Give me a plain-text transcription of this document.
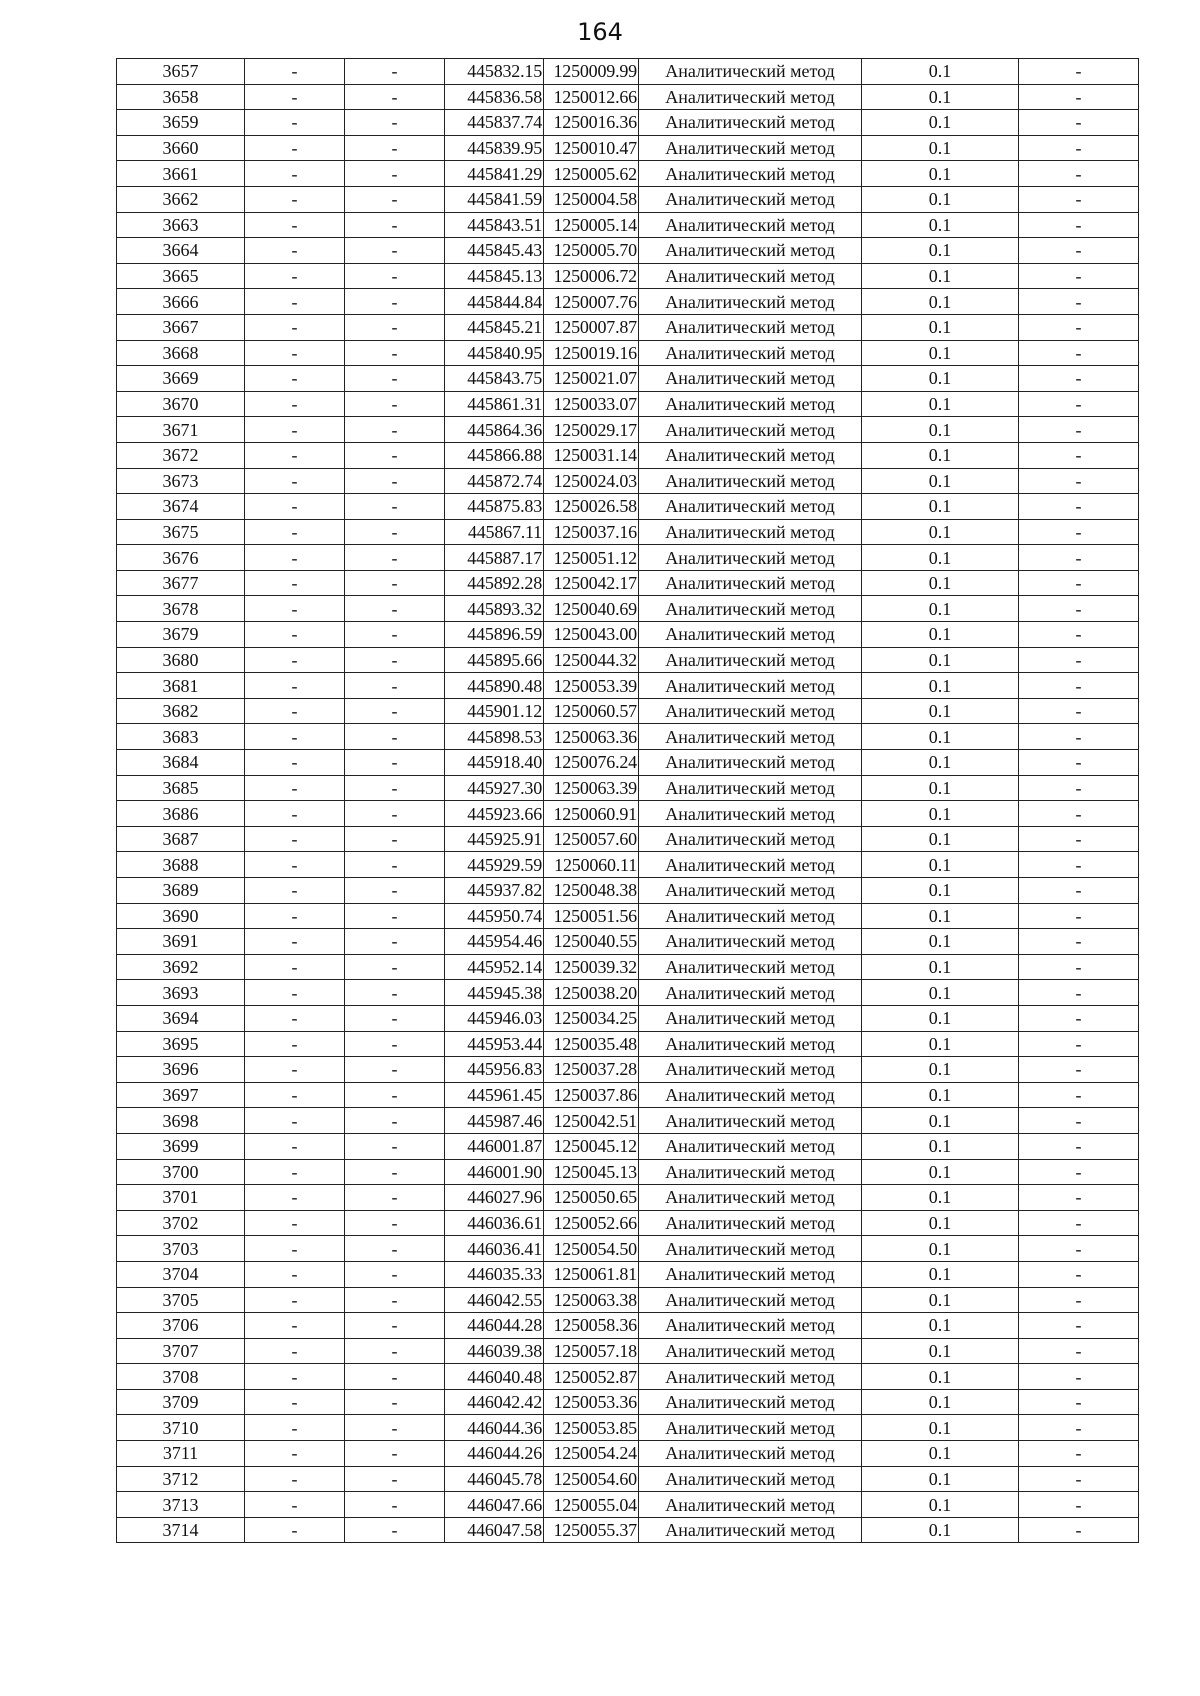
164
3657	-	-	445832.15	1250009.99	Аналитический метод	0.1	-
3658	-	-	445836.58	1250012.66	Аналитический метод	0.1	-
3659	-	-	445837.74	1250016.36	Аналитический метод	0.1	-
3660	-	-	445839.95	1250010.47	Аналитический метод	0.1	-
3661	-	-	445841.29	1250005.62	Аналитический метод	0.1	-
3662	-	-	445841.59	1250004.58	Аналитический метод	0.1	-
3663	-	-	445843.51	1250005.14	Аналитический метод	0.1	-
3664	-	-	445845.43	1250005.70	Аналитический метод	0.1	-
3665	-	-	445845.13	1250006.72	Аналитический метод	0.1	-
3666	-	-	445844.84	1250007.76	Аналитический метод	0.1	-
3667	-	-	445845.21	1250007.87	Аналитический метод	0.1	-
3668	-	-	445840.95	1250019.16	Аналитический метод	0.1	-
3669	-	-	445843.75	1250021.07	Аналитический метод	0.1	-
3670	-	-	445861.31	1250033.07	Аналитический метод	0.1	-
3671	-	-	445864.36	1250029.17	Аналитический метод	0.1	-
3672	-	-	445866.88	1250031.14	Аналитический метод	0.1	-
3673	-	-	445872.74	1250024.03	Аналитический метод	0.1	-
3674	-	-	445875.83	1250026.58	Аналитический метод	0.1	-
3675	-	-	445867.11	1250037.16	Аналитический метод	0.1	-
3676	-	-	445887.17	1250051.12	Аналитический метод	0.1	-
3677	-	-	445892.28	1250042.17	Аналитический метод	0.1	-
3678	-	-	445893.32	1250040.69	Аналитический метод	0.1	-
3679	-	-	445896.59	1250043.00	Аналитический метод	0.1	-
3680	-	-	445895.66	1250044.32	Аналитический метод	0.1	-
3681	-	-	445890.48	1250053.39	Аналитический метод	0.1	-
3682	-	-	445901.12	1250060.57	Аналитический метод	0.1	-
3683	-	-	445898.53	1250063.36	Аналитический метод	0.1	-
3684	-	-	445918.40	1250076.24	Аналитический метод	0.1	-
3685	-	-	445927.30	1250063.39	Аналитический метод	0.1	-
3686	-	-	445923.66	1250060.91	Аналитический метод	0.1	-
3687	-	-	445925.91	1250057.60	Аналитический метод	0.1	-
3688	-	-	445929.59	1250060.11	Аналитический метод	0.1	-
3689	-	-	445937.82	1250048.38	Аналитический метод	0.1	-
3690	-	-	445950.74	1250051.56	Аналитический метод	0.1	-
3691	-	-	445954.46	1250040.55	Аналитический метод	0.1	-
3692	-	-	445952.14	1250039.32	Аналитический метод	0.1	-
3693	-	-	445945.38	1250038.20	Аналитический метод	0.1	-
3694	-	-	445946.03	1250034.25	Аналитический метод	0.1	-
3695	-	-	445953.44	1250035.48	Аналитический метод	0.1	-
3696	-	-	445956.83	1250037.28	Аналитический метод	0.1	-
3697	-	-	445961.45	1250037.86	Аналитический метод	0.1	-
3698	-	-	445987.46	1250042.51	Аналитический метод	0.1	-
3699	-	-	446001.87	1250045.12	Аналитический метод	0.1	-
3700	-	-	446001.90	1250045.13	Аналитический метод	0.1	-
3701	-	-	446027.96	1250050.65	Аналитический метод	0.1	-
3702	-	-	446036.61	1250052.66	Аналитический метод	0.1	-
3703	-	-	446036.41	1250054.50	Аналитический метод	0.1	-
3704	-	-	446035.33	1250061.81	Аналитический метод	0.1	-
3705	-	-	446042.55	1250063.38	Аналитический метод	0.1	-
3706	-	-	446044.28	1250058.36	Аналитический метод	0.1	-
3707	-	-	446039.38	1250057.18	Аналитический метод	0.1	-
3708	-	-	446040.48	1250052.87	Аналитический метод	0.1	-
3709	-	-	446042.42	1250053.36	Аналитический метод	0.1	-
3710	-	-	446044.36	1250053.85	Аналитический метод	0.1	-
3711	-	-	446044.26	1250054.24	Аналитический метод	0.1	-
3712	-	-	446045.78	1250054.60	Аналитический метод	0.1	-
3713	-	-	446047.66	1250055.04	Аналитический метод	0.1	-
3714	-	-	446047.58	1250055.37	Аналитический метод	0.1	-
